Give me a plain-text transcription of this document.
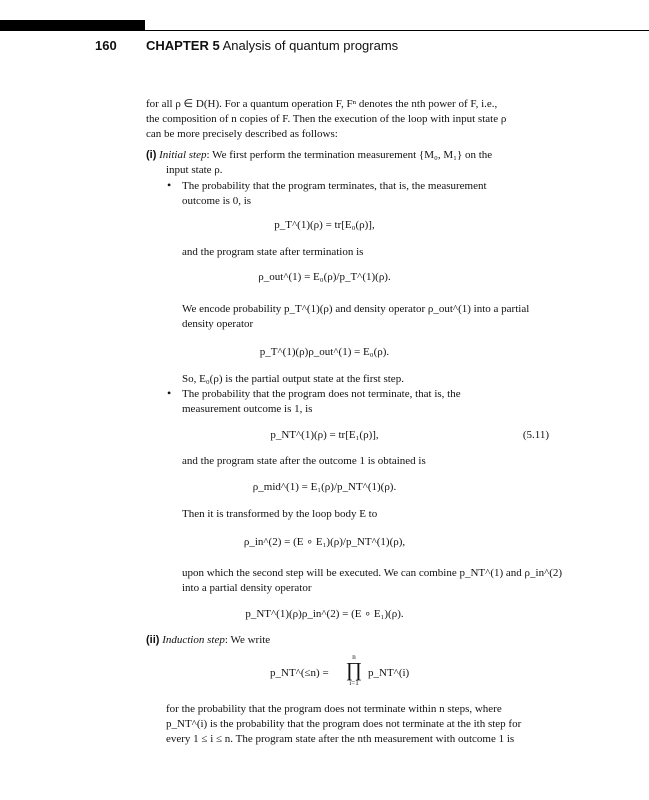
160 CHAPTER 5 Analysis of quantum programs
for all ρ ∈ D(H). For a quantum operation F, Fⁿ denotes the nth power of F, i.e.,
the composition of n copies of F. Then the execution of the loop with input state ρ
can be more precisely described as follows:
(i) Initial step: We first perform the termination measurement {M₀, M₁} on the
input state ρ.
• The probability that the program terminates, that is, the measurement
outcome is 0, is
p_T^(1)(ρ) = tr[E₀(ρ)],
and the program state after termination is
ρ_out^(1) = E₀(ρ)/p_T^(1)(ρ).
We encode probability p_T^(1)(ρ) and density operator ρ_out^(1) into a partial
density operator
p_T^(1)(ρ)ρ_out^(1) = E₀(ρ).
So, E₀(ρ) is the partial output state at the first step.
• The probability that the program does not terminate, that is, the
measurement outcome is 1, is
p_NT^(1)(ρ) = tr[E₁(ρ)],	(5.11)
and the program state after the outcome 1 is obtained is
ρ_mid^(1) = E₁(ρ)/p_NT^(1)(ρ).
Then it is transformed by the loop body E to
ρ_in^(2) = (E ∘ E₁)(ρ)/p_NT^(1)(ρ),
upon which the second step will be executed. We can combine p_NT^(1) and ρ_in^(2)
into a partial density operator
p_NT^(1)(ρ)ρ_in^(2) = (E ∘ E₁)(ρ).
(ii) Induction step: We write
p_NT^(≤n) =
n
∏
i=1
p_NT^(i)
for the probability that the program does not terminate within n steps, where
p_NT^(i) is the probability that the program does not terminate at the ith step for
every 1 ≤ i ≤ n. The program state after the nth measurement with outcome 1 is
